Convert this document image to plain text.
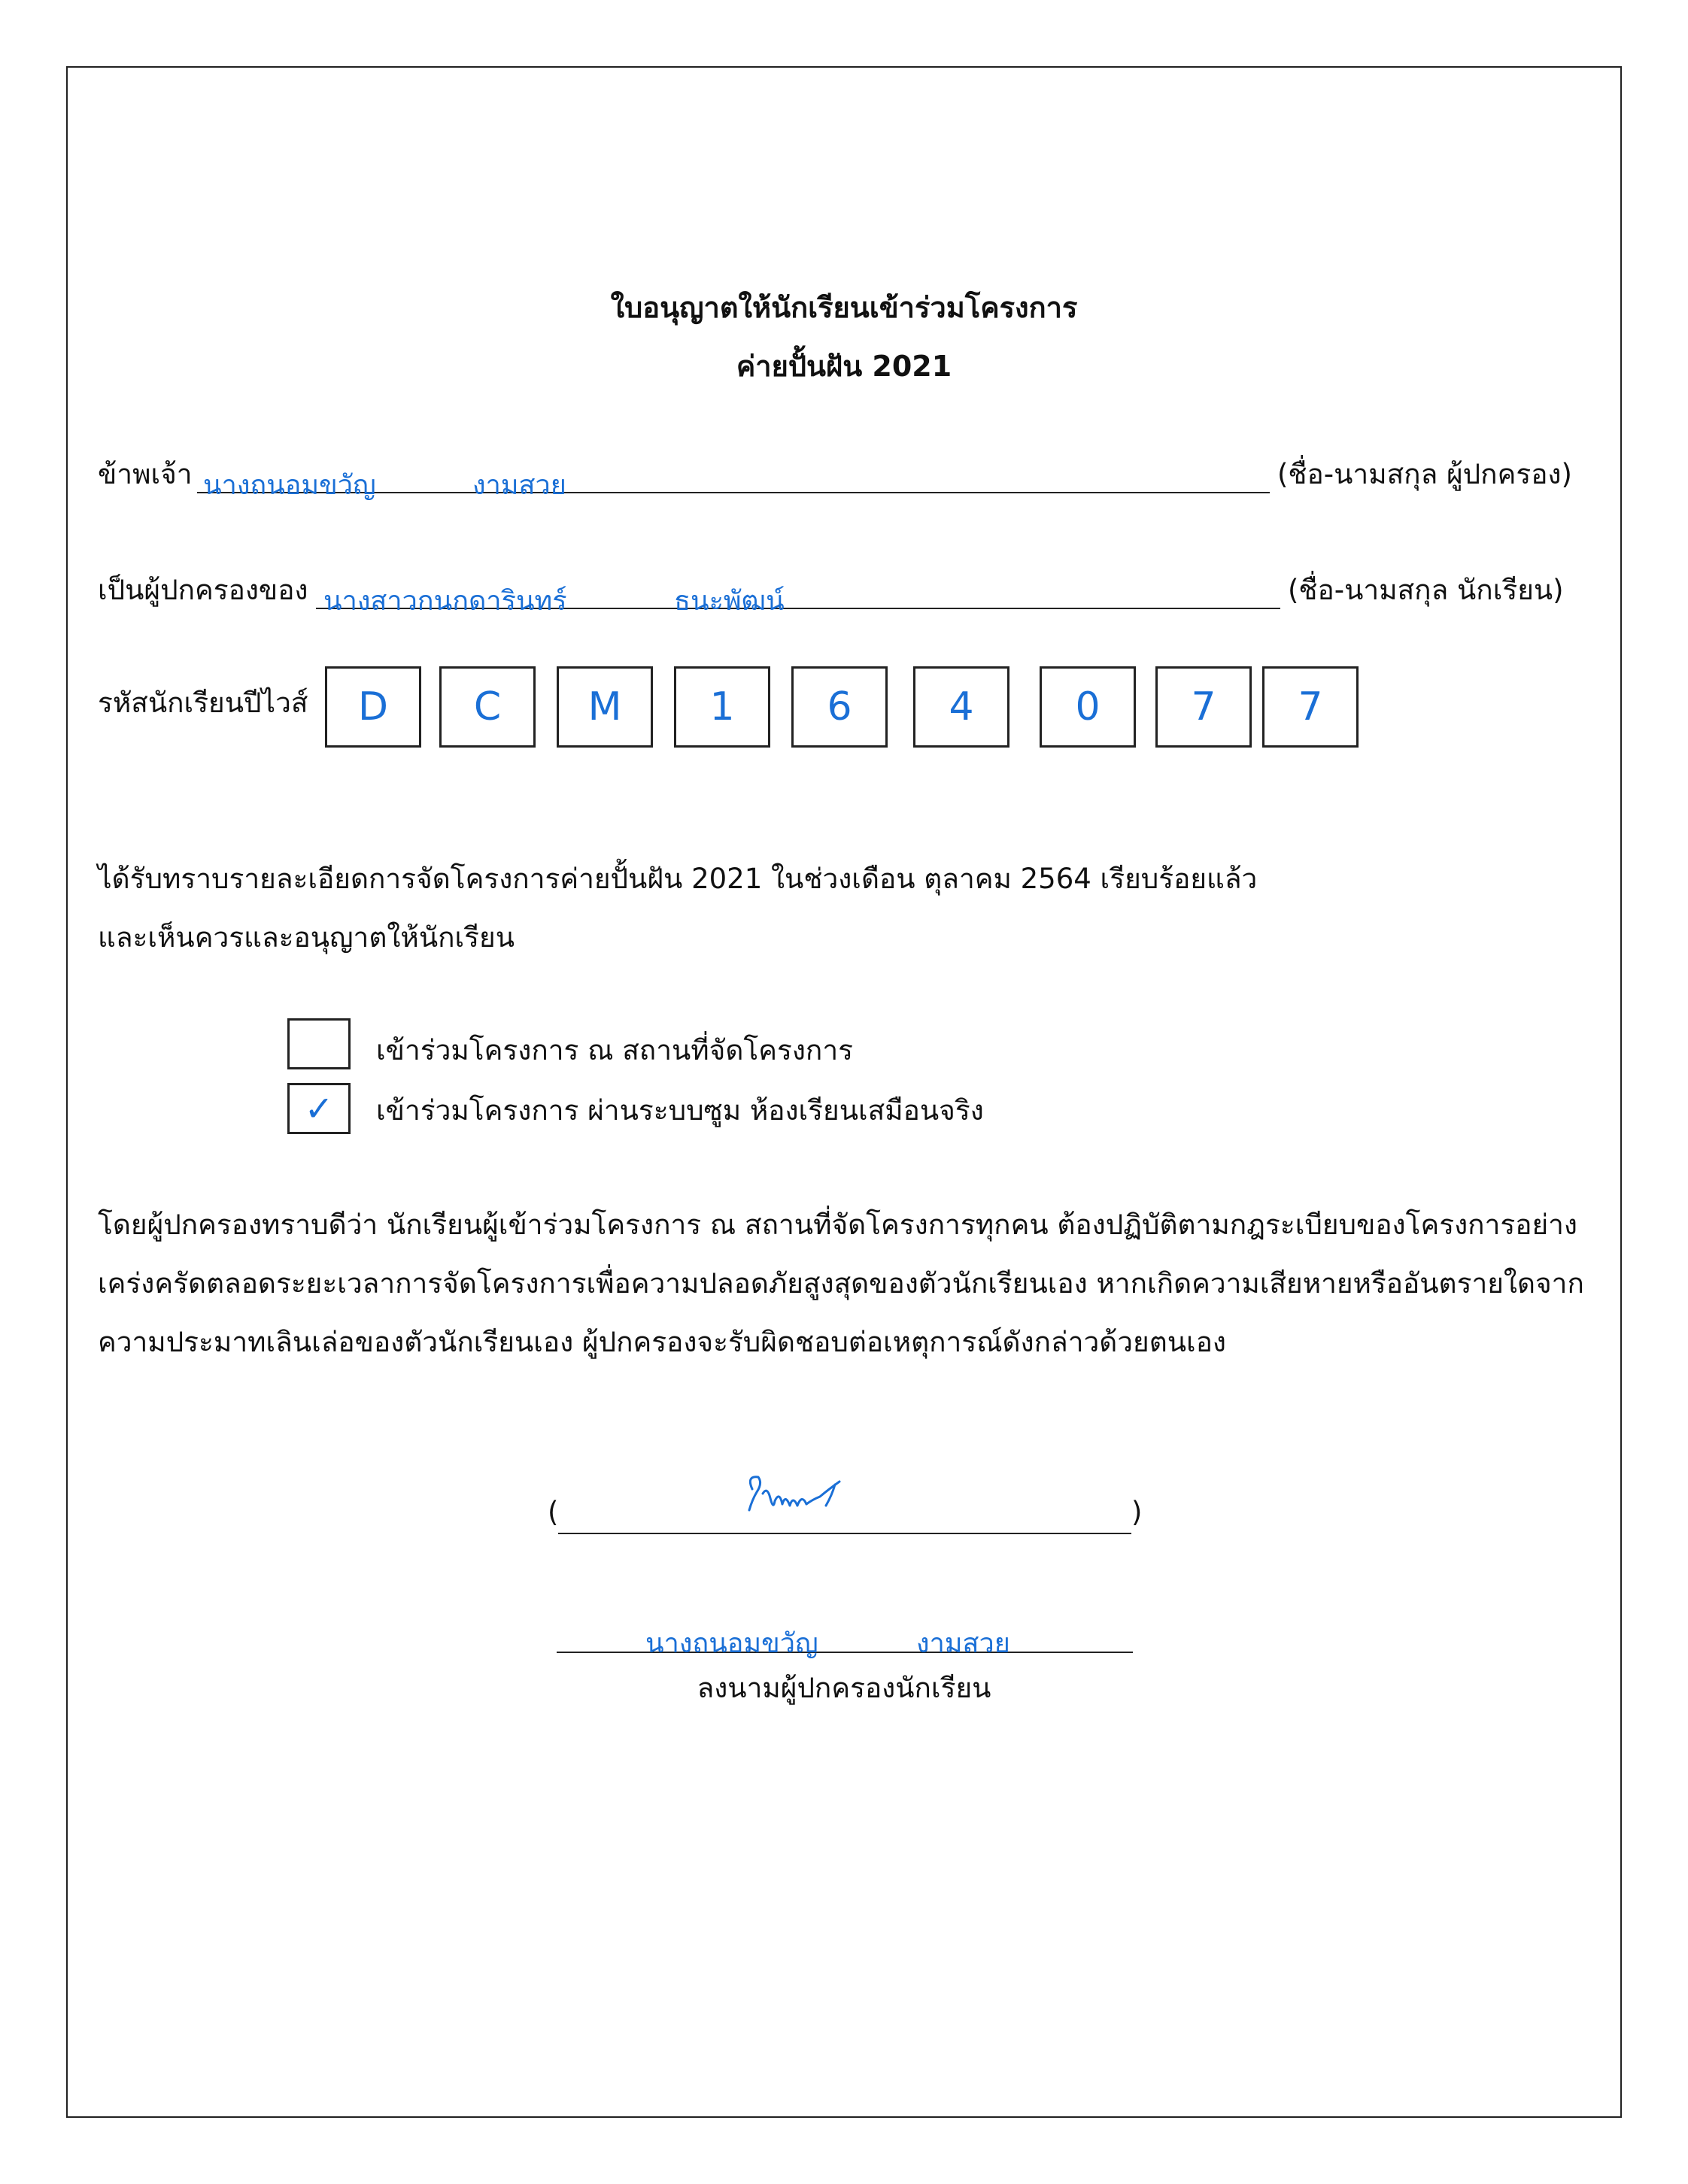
ใบอนุญาตให้นักเรียนเข้าร่วมโครงการ
ค่ายปั้นฝัน 2021
ข้าพเจ้า นางถนอมขวัญ	งามสวย	(ชื่อ-นามสกุล ผู้ปกครอง)
เป็นผู้ปกครองของ นางสาวกนกดารินทร์	ธนะพัฒน์	(ชื่อ-นามสกุล นักเรียน)
รหัสนักเรียนปีไวส์ D C M 1 6 4	0 7 7
ได้รับทราบรายละเอียดการจัดโครงการค่ายปั้นฝัน 2021 ในช่วงเดือน ตุลาคม 2564 เรียบร้อยแล้ว
และเห็นควรและอนุญาตให้นักเรียน
เข้าร่วมโครงการ ณ สถานที่จัดโครงการ
✓ เข้าร่วมโครงการ ผ่านระบบซูม ห้องเรียนเสมือนจริง
โดยผู้ปกครองทราบดีว่า นักเรียนผู้เข้าร่วมโครงการ ณ สถานที่จัดโครงการทุกคน ต้องปฏิบัติตามกฎระเบียบของโครงการอย่าง
เคร่งครัดตลอดระยะเวลาการจัดโครงการเพื่อความปลอดภัยสูงสุดของตัวนักเรียนเอง หากเกิดความเสียหายหรืออันตรายใดจาก
ความประมาทเลินเล่อของตัวนักเรียนเอง ผู้ปกครองจะรับผิดชอบต่อเหตุการณ์ดังกล่าวด้วยตนเอง
(	)
นางถนอมขวัญ	งามสวย
ลงนามผู้ปกครองนักเรียน
